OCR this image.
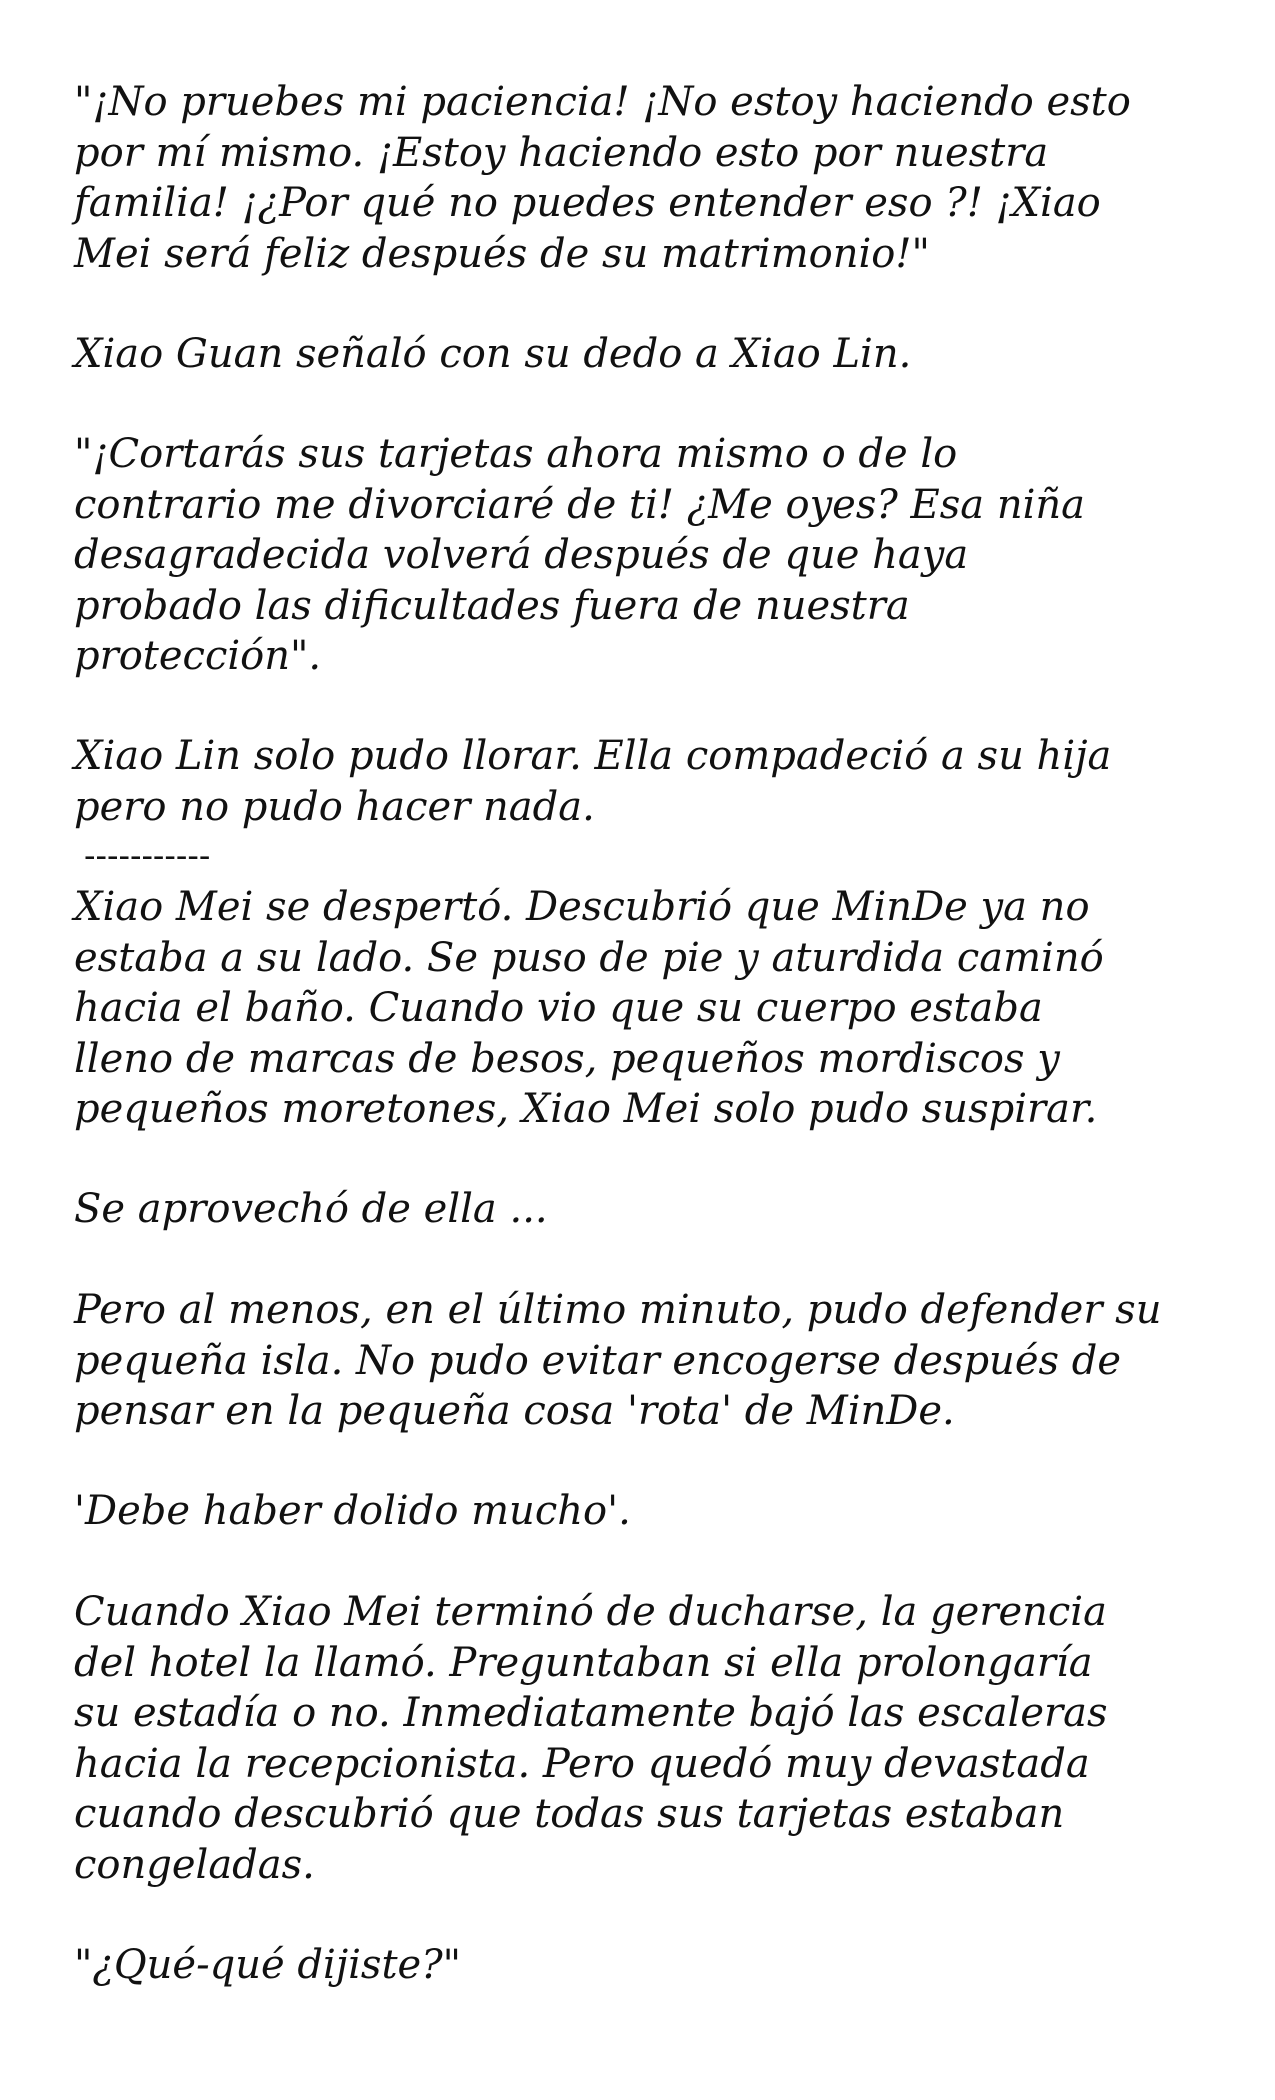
"¡No pruebes mi paciencia! ¡No estoy haciendo esto
por mí mismo. ¡Estoy haciendo esto por nuestra
familia! ¡¿Por qué no puedes entender eso ?! ¡Xiao
Mei será feliz después de su matrimonio!"

Xiao Guan señaló con su dedo a Xiao Lin.

"¡Cortarás sus tarjetas ahora mismo o de lo
contrario me divorciaré de ti! ¿Me oyes? Esa niña
desagradecida volverá después de que haya
probado las dificultades fuera de nuestra
protección".

Xiao Lin solo pudo llorar. Ella compadeció a su hija
pero no pudo hacer nada.

-----------

Xiao Mei se despertó. Descubrió que MinDe ya no
estaba a su lado. Se puso de pie y aturdida caminó
hacia el baño. Cuando vio que su cuerpo estaba
lleno de marcas de besos, pequeños mordiscos y
pequeños moretones, Xiao Mei solo pudo suspirar.

Se aprovechó de ella ...

Pero al menos, en el último minuto, pudo defender su
pequeña isla. No pudo evitar encogerse después de
pensar en la pequeña cosa 'rota' de MinDe.

'Debe haber dolido mucho'.

Cuando Xiao Mei terminó de ducharse, la gerencia
del hotel la llamó. Preguntaban si ella prolongaría
su estadía o no. Inmediatamente bajó las escaleras
hacia la recepcionista. Pero quedó muy devastada
cuando descubrió que todas sus tarjetas estaban
congeladas.

"¿Qué-qué dijiste?"
